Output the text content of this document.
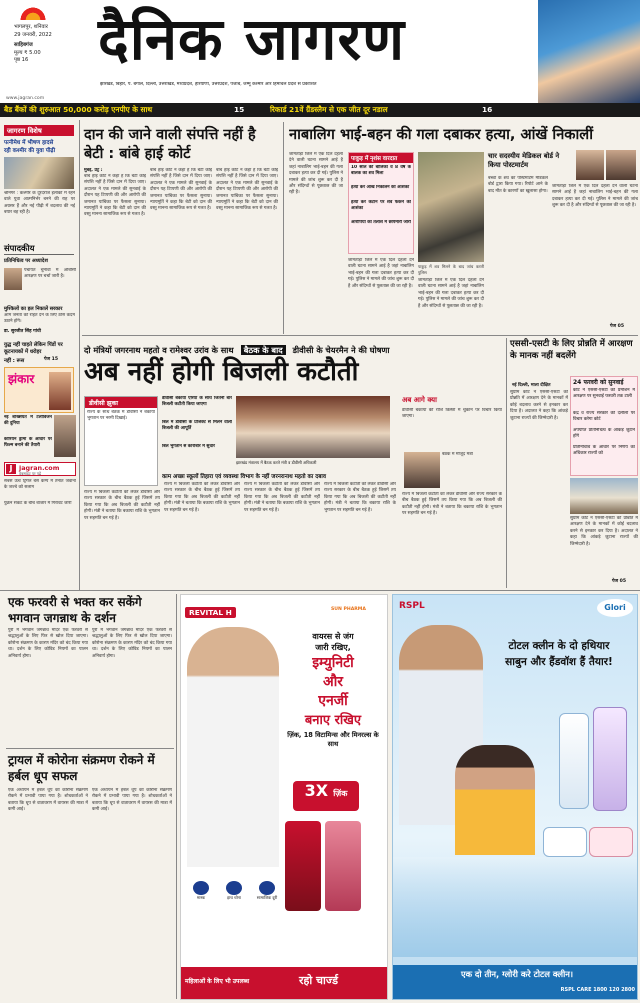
भागलपुर, शनिवार
29 जनवरी, 2022
साहिबगंज
मूल्य ₹ 5.00
पृष्ठ 16	दैनिक जागरण
झारखंड, बिहार, पं. बंगाल, दिल्ली, उत्तराखंड, मध्यप्रदेश, हरियाणा, उत्तरप्रदेश, पंजाब, जम्मू कश्मीर और हिमाचल प्रदेश से प्रकाशित
www.jagran.com
बैड बैंकों की शुरुआत 50,000 करोड़ एनपीए के साथ	15	रिकार्ड 21वें ग्रैंडस्लैम से एक जीत दूर नडाल	16
जागरण विशेष
पत्नीमेध में भीषण हादसे
रही कश्मीर की युवा पीढ़ी
श्रीनगर : कश्मीर के दूरदराज इलाकों में रहने वाले युवा आत्मनिर्भर बनने की राह पर अग्रसर हैं और नई पीढ़ी में बदलाव की नई बयार बह रही है।
संपादकीय
प्रतिनिधित्व पर अध्यादेश
पंचायत चुनावों में ओबीसी आरक्षण पर चर्चा जारी है।
मुश्किलों का हल निकालें सरकार
आम जनता को राहत देने के लिए ठोस कदम उठाने होंगे।
डा. सुरजीत सिंह गांधी
युद्ध नहीं चाहते लेकिन पिंडों पर कूटनायकों में धरोहर
नहीं : रूस	पेज 15
झंकार
नई शख्सियतें में टेलीविजन की दुनिया
कोरियन ड्रामा के आधार पर फिल्म बनाने की तैयारी
J	jagran.com
वेबसाइट पर पढ़ें
सबसे ऊंचे ट्रिंगल बेस कैम्प में तैनात जवानों के जज्बे को सलाम
युक्रेन संकट के बीच बाजार में गिरावट जारी
दान की जाने वाली संपत्ति नहीं है बेटी : बांबे हाई कोर्ट
मुंबई, प्रेट्र :
बांबे हाई कोर्ट ने कहा है कि बेटी कोई संपत्ति नहीं है जिसे दान में दिया जाए। अदालत ने एक मामले की सुनवाई के दौरान यह टिप्पणी की और आरोपी की जमानत याचिका पर फैसला सुनाया। न्यायमूर्ति ने कहा कि बेटी को दान की वस्तु मानना सामाजिक रूप से गलत है।
बांबे हाई कोर्ट ने कहा है कि बेटी कोई संपत्ति नहीं है जिसे दान में दिया जाए। अदालत ने एक मामले की सुनवाई के दौरान यह टिप्पणी की और आरोपी की जमानत याचिका पर फैसला सुनाया। न्यायमूर्ति ने कहा कि बेटी को दान की वस्तु मानना सामाजिक रूप से गलत है।
बांबे हाई कोर्ट ने कहा है कि बेटी कोई संपत्ति नहीं है जिसे दान में दिया जाए। अदालत ने एक मामले की सुनवाई के दौरान यह टिप्पणी की और आरोपी की जमानत याचिका पर फैसला सुनाया। न्यायमूर्ति ने कहा कि बेटी को दान की वस्तु मानना सामाजिक रूप से गलत है।
नाबालिग भाई-बहन की गला दबाकर हत्या, आंखें निकालीं
जामताड़ा जिले में एक दिल दहला देने वाली घटना सामने आई है जहां नाबालिग भाई-बहन की गला दबाकर हत्या कर दी गई। पुलिस ने मामले की जांच शुरू कर दी है और संदिग्धों से पूछताछ की जा रही है।
पाकुड़ में नृशंस वारदात
10 साल की बालिका व 8 वर्ष के बालक का शव मिला
हत्या कर आंखें निकालने की आशंका
हत्या कर कटान पर शव फेंकने की आशंका
आरोपियों की तलाश में छापेमारी जारी
जामताड़ा जिले में एक दिल दहला देने वाली घटना सामने आई है जहां नाबालिग भाई-बहन की गला दबाकर हत्या कर दी गई। पुलिस ने मामले की जांच शुरू कर दी है और संदिग्धों से पूछताछ की जा रही है।
पाकुड़ में शव मिलने के बाद जांच करती पुलिस
जामताड़ा जिले में एक दिल दहला देने वाली घटना सामने आई है जहां नाबालिग भाई-बहन की गला दबाकर हत्या कर दी गई। पुलिस ने मामले की जांच शुरू कर दी है और संदिग्धों से पूछताछ की जा रही है।
चार सदस्यीय मेडिकल बोर्ड ने किया पोस्टमार्टम
बच्चों के शव का पोस्टमार्टम मेडिकल बोर्ड द्वारा किया गया। रिपोर्ट आने के बाद मौत के कारणों का खुलासा होगा।
जामताड़ा जिले में एक दिल दहला देने वाली घटना सामने आई है जहां नाबालिग भाई-बहन की गला दबाकर हत्या कर दी गई। पुलिस ने मामले की जांच शुरू कर दी है और संदिग्धों से पूछताछ की जा रही है।
पेज 05
दो मंत्रियों जगरनाथ महतो व रामेश्वर उरांव के साथ बैठक के बाद डीवीसी के चेयरमैन ने की घोषणा
अब नहीं होगी बिजली कटौती
डीवीसी झुका
राज्य के साथ बैठक में डीवीसी ने बकाया भुगतान पर नरमी दिखाई।
डीवीसी बकाया एरिया के साथ जितनी बार बिजली कटौती किया जाएगा
बिल में डीवीसी के प्रोजेक्ट से मिलने वाली बिजली की आपूर्ति
बिल भुगतान से कारोबार में सुधार
झारखंड मंत्रालय में बैठक करते मंत्री व डीवीसी अधिकारी
काम अच्छा स्कूलों तिहारा एवं व्यवस्था विभाग के नहीं जरनरानाथ महतो का दबाव
राज्य में बिजली कटौती को लेकर डीवीसी और राज्य सरकार के बीच बैठक हुई जिसमें तय किया गया कि अब बिजली की कटौती नहीं होगी। मंत्री ने बताया कि बकाया राशि के भुगतान पर सहमति बन गई है।
राज्य में बिजली कटौती को लेकर डीवीसी और राज्य सरकार के बीच बैठक हुई जिसमें तय किया गया कि अब बिजली की कटौती नहीं होगी। मंत्री ने बताया कि बकाया राशि के भुगतान पर सहमति बन गई है।
राज्य में बिजली कटौती को लेकर डीवीसी और राज्य सरकार के बीच बैठक हुई जिसमें तय किया गया कि अब बिजली की कटौती नहीं होगी। मंत्री ने बताया कि बकाया राशि के भुगतान पर सहमति बन गई है।
राज्य में बिजली कटौती को लेकर डीवीसी और राज्य सरकार के बीच बैठक हुई जिसमें तय किया गया कि अब बिजली की कटौती नहीं होगी। मंत्री ने बताया कि बकाया राशि के भुगतान पर सहमति बन गई है।
अब आगे क्या
डीवीसी बकाया की राशि किस्तों में चुकाने पर विचार किया जाएगा।
बैठक में मौजूद मंत्री
राज्य में बिजली कटौती को लेकर डीवीसी और राज्य सरकार के बीच बैठक हुई जिसमें तय किया गया कि अब बिजली की कटौती नहीं होगी। मंत्री ने बताया कि बकाया राशि के भुगतान पर सहमति बन गई है।
एससी-एसटी के लिए प्रोन्नति में आरक्षण के मानक नहीं बदलेंगे
नई दिल्ली, माला दीक्षित
सुप्रीम कोर्ट ने एससी-एसटी को प्रोन्नति में आरक्षण देने के मानकों में कोई बदलाव करने से इनकार कर दिया है। अदालत ने कहा कि आंकड़े जुटाना राज्यों की जिम्मेदारी है।
24 फरवरी को सुनवाई
कोर्ट ने एससी-एसटी को प्रमोशन में आरक्षण पर सुनवाई फरवरी तक टाली
केंद्र व राज्य सरकार की दलीलों पर विचार करेगा कोर्ट
अपर्याप्त प्रतिनिधित्व के आंकड़े जुटाने होंगे
प्रतिनिधित्व के आधार पर निर्णय का अधिकार राज्यों को
सुप्रीम कोर्ट ने एससी-एसटी को प्रोन्नति में आरक्षण देने के मानकों में कोई बदलाव करने से इनकार कर दिया है। अदालत ने कहा कि आंकड़े जुटाना राज्यों की जिम्मेदारी है।
पेज 05
एक फरवरी से भक्त कर सकेंगे भगवान जगन्नाथ के दर्शन
पुरी में भगवान जगन्नाथ मंदिर एक फरवरी से श्रद्धालुओं के लिए फिर से खोल दिया जाएगा। कोरोना संक्रमण के कारण मंदिर को बंद किया गया था। दर्शन के लिए कोविड नियमों का पालन अनिवार्य होगा।
पुरी में भगवान जगन्नाथ मंदिर एक फरवरी से श्रद्धालुओं के लिए फिर से खोल दिया जाएगा। कोरोना संक्रमण के कारण मंदिर को बंद किया गया था। दर्शन के लिए कोविड नियमों का पालन अनिवार्य होगा।
ट्रायल में कोरोना संक्रमण रोकने में हर्बल धूप सफल
एक अध्ययन में हर्बल धूप को कोरोना संक्रमण रोकने में प्रभावी पाया गया है। शोधकर्ताओं ने बताया कि धूप से वातावरण में वायरस की मात्रा में कमी आई।
एक अध्ययन में हर्बल धूप को कोरोना संक्रमण रोकने में प्रभावी पाया गया है। शोधकर्ताओं ने बताया कि धूप से वातावरण में वायरस की मात्रा में कमी आई।
REVITAL H	SUN PHARMA
वायरस से जंग
जारी रखिए,
इम्युनिटी
और
एनर्जी
बनाए रखिए
ज़िंक, 18 विटामिन्स और मिनरल्स के साथ
3X ज़िंक
मास्क	हाथ धोना	सामाजिक दूरी
महिलाओं के लिए भी उपलब्ध	रहो चार्ज्ड
RSPL	Glori
टोटल क्लीन के दो हथियार
साबुन और हैंडवॉश हैं तैयार!
एक दो तीन, ग्लोरी करे टोटल क्लीन।
RSPL CARE 1800 120 2800
